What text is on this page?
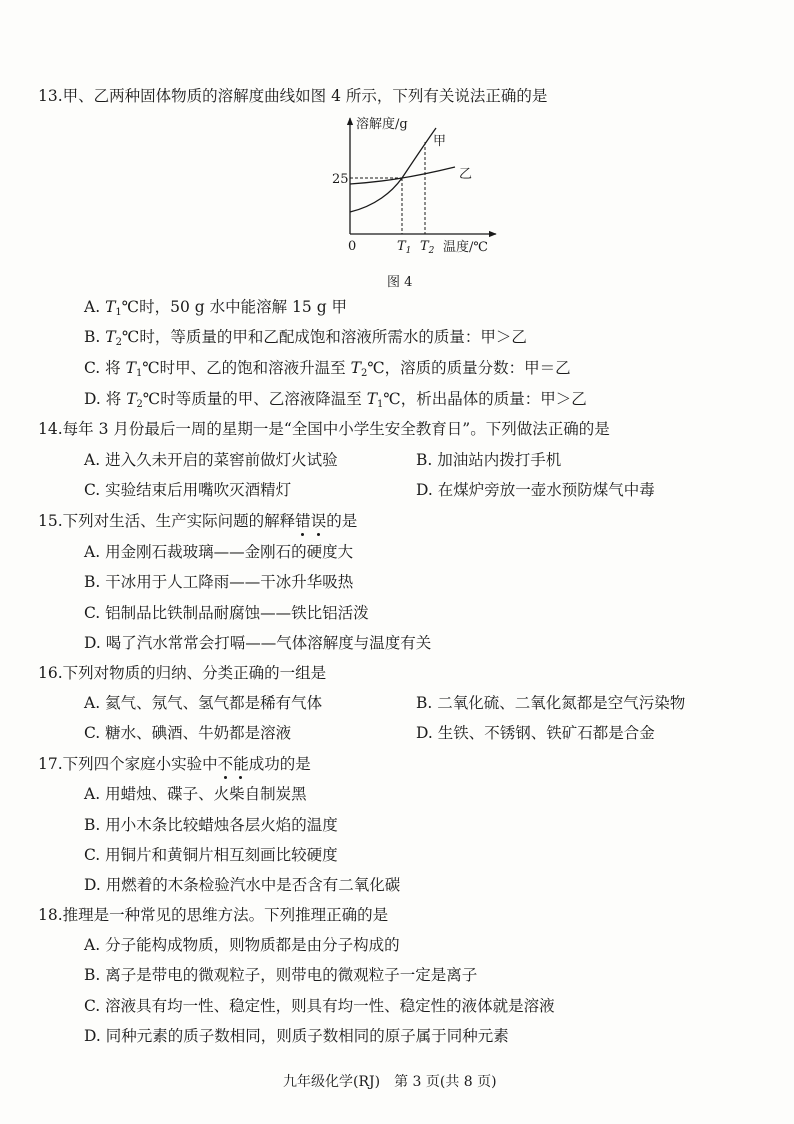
13.甲、乙两种固体物质的溶解度曲线如图 4 所示，下列有关说法正确的是
溶解度/g
甲
乙
25
0	$T_1$ $T_2$ 温度/℃
图 4
A. $T_1℃$时，50 g 水中能溶解 15 g 甲
B. $T_2℃$时，等质量的甲和乙配成饱和溶液所需水的质量：甲＞乙
C. 将 $T_1℃$时甲、乙的饱和溶液升温至 $T_2℃$，溶质的质量分数：甲＝乙
D. 将 $T_2℃$时等质量的甲、乙溶液降温至 $T_1℃$，析出晶体的质量：甲＞乙
14.每年 3 月份最后一周的星期一是“全国中小学生安全教育日”。下列做法正确的是
A. 进入久未开启的菜窖前做灯火试验	B. 加油站内拨打手机
C. 实验结束后用嘴吹灭酒精灯	D. 在煤炉旁放一壶水预防煤气中毒
15.下列对生活、生产实际问题的解释错误的是
A. 用金刚石裁玻璃——金刚石的硬度大
B. 干冰用于人工降雨——干冰升华吸热
C. 铝制品比铁制品耐腐蚀——铁比铝活泼
D. 喝了汽水常常会打嗝——气体溶解度与温度有关
16.下列对物质的归纳、分类正确的一组是
A. 氦气、氖气、氢气都是稀有气体	B. 二氧化硫、二氧化氮都是空气污染物
C. 糖水、碘酒、牛奶都是溶液	D. 生铁、不锈钢、铁矿石都是合金
17.下列四个家庭小实验中不能成功的是
A. 用蜡烛、碟子、火柴自制炭黑
B. 用小木条比较蜡烛各层火焰的温度
C. 用铜片和黄铜片相互刻画比较硬度
D. 用燃着的木条检验汽水中是否含有二氧化碳
18.推理是一种常见的思维方法。下列推理正确的是
A. 分子能构成物质，则物质都是由分子构成的
B. 离子是带电的微观粒子，则带电的微观粒子一定是离子
C. 溶液具有均一性、稳定性，则具有均一性、稳定性的液体就是溶液
D. 同种元素的质子数相同，则质子数相同的原子属于同种元素
九年级化学(RJ)　第 3 页(共 8 页)
